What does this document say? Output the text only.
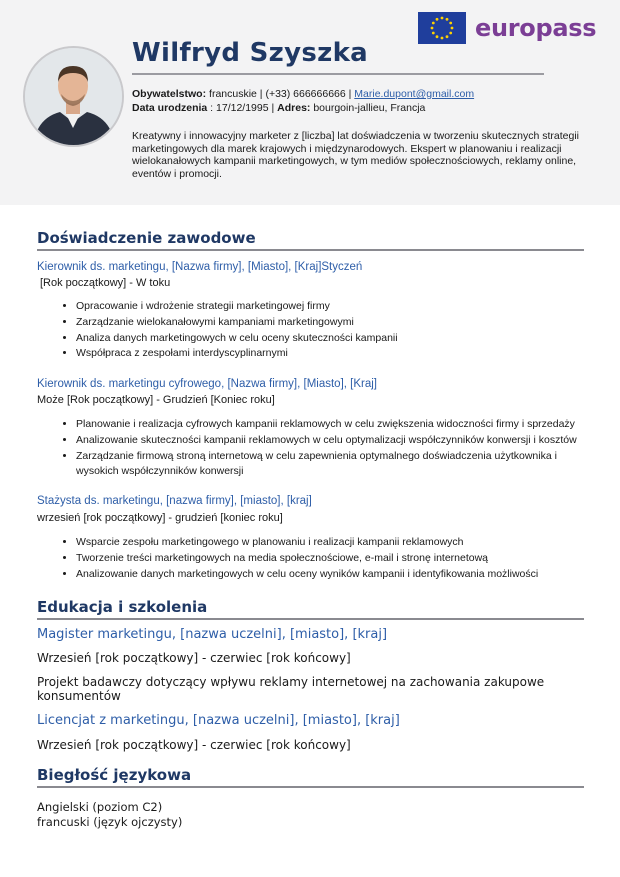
europass
Wilfryd Szyszka
Obywatelstwo: francuskie | (+33) 666666666 | Marie.dupont@gmail.com
Data urodzenia : 17/12/1995 | Adres: bourgoin-jallieu, Francja
Kreatywny i innowacyjny marketer z [liczba] lat doświadczenia w tworzeniu skutecznych strategii marketingowych dla marek krajowych i międzynarodowych. Ekspert w planowaniu i realizacji wielokanałowych kampanii marketingowych, w tym mediów społecznościowych, reklamy online, eventów i promocji.
Doświadczenie zawodowe
Kierownik ds. marketingu, [Nazwa firmy], [Miasto], [Kraj]Styczeń
[Rok początkowy] - W toku
• Opracowanie i wdrożenie strategii marketingowej firmy
• Zarządzanie wielokanałowymi kampaniami marketingowymi
• Analiza danych marketingowych w celu oceny skuteczności kampanii
• Współpraca z zespołami interdyscyplinarnymi
Kierownik ds. marketingu cyfrowego, [Nazwa firmy], [Miasto], [Kraj]
Może [Rok początkowy] - Grudzień [Koniec roku]
• Planowanie i realizacja cyfrowych kampanii reklamowych w celu zwiększenia widoczności firmy i sprzedaży
• Analizowanie skuteczności kampanii reklamowych w celu optymalizacji współczynników konwersji i kosztów
• Zarządzanie firmową stroną internetową w celu zapewnienia optymalnego doświadczenia użytkownika i wysokich współczynników konwersji
Stażysta ds. marketingu, [nazwa firmy], [miasto], [kraj]
wrzesień [rok początkowy] - grudzień [koniec roku]
• Wsparcie zespołu marketingowego w planowaniu i realizacji kampanii reklamowych
• Tworzenie treści marketingowych na media społecznościowe, e-mail i stronę internetową
• Analizowanie danych marketingowych w celu oceny wyników kampanii i identyfikowania możliwości
Edukacja i szkolenia
Magister marketingu, [nazwa uczelni], [miasto], [kraj]
Wrzesień [rok początkowy] - czerwiec [rok końcowy]
Projekt badawczy dotyczący wpływu reklamy internetowej na zachowania zakupowe konsumentów
Licencjat z marketingu, [nazwa uczelni], [miasto], [kraj]
Wrzesień [rok początkowy] - czerwiec [rok końcowy]
Biegłość językowa
Angielski (poziom C2)
francuski (język ojczysty)
